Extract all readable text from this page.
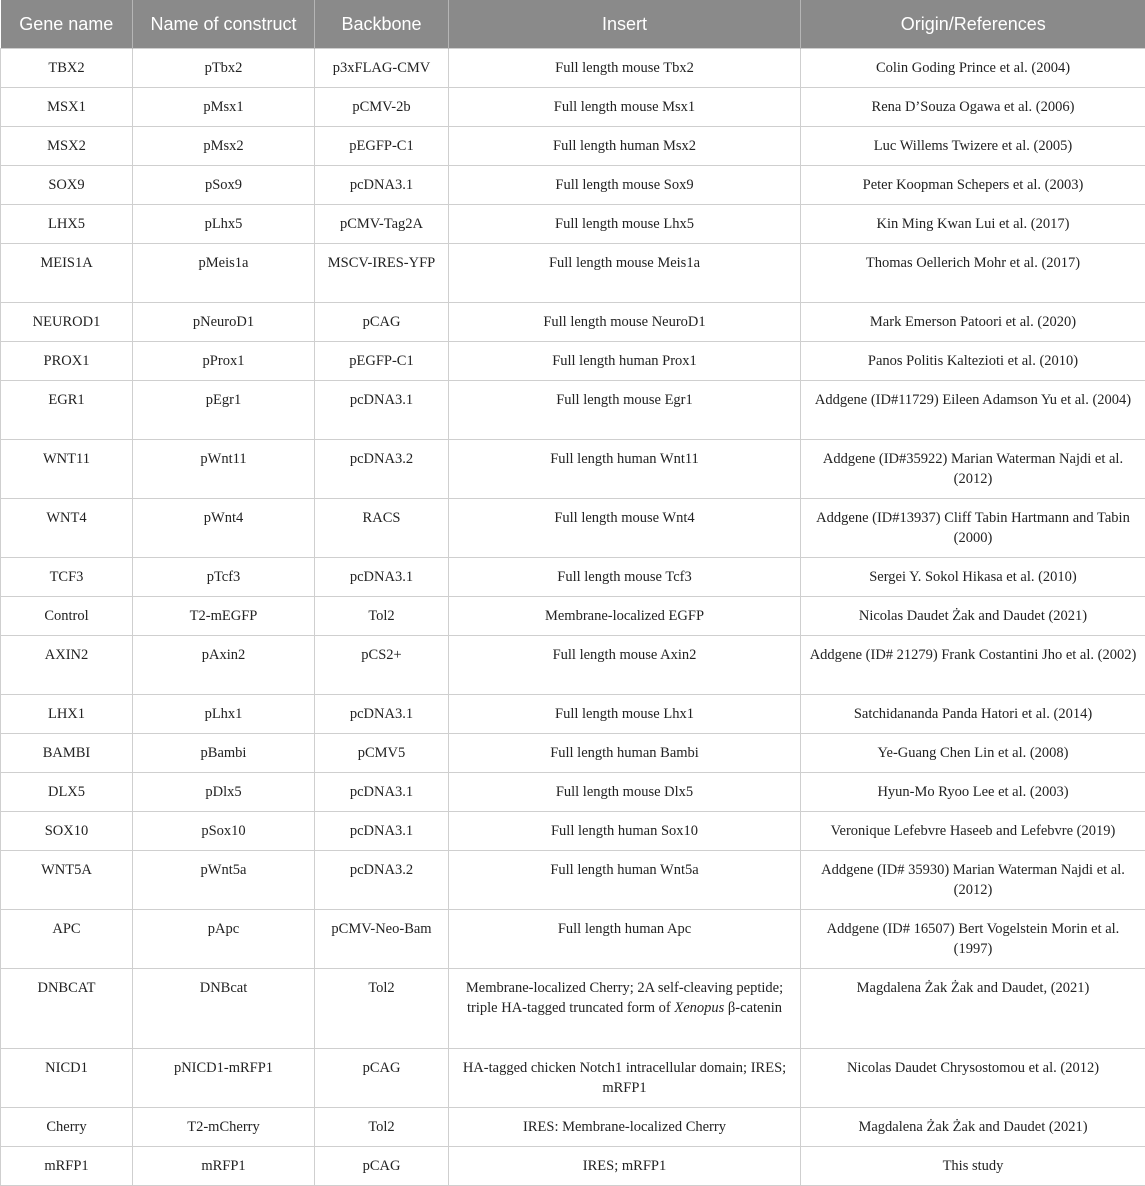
Gene name	Name of construct	Backbone	Insert	Origin/References
TBX2	pTbx2	p3xFLAG-CMV	Full length mouse Tbx2	Colin Goding Prince et al. (2004)
MSX1	pMsx1	pCMV-2b	Full length mouse Msx1	Rena D’Souza Ogawa et al. (2006)
MSX2	pMsx2	pEGFP-C1	Full length human Msx2	Luc Willems Twizere et al. (2005)
SOX9	pSox9	pcDNA3.1	Full length mouse Sox9	Peter Koopman Schepers et al. (2003)
LHX5	pLhx5	pCMV-Tag2A	Full length mouse Lhx5	Kin Ming Kwan Lui et al. (2017)
MEIS1A	pMeis1a	MSCV-IRES-YFP	Full length mouse Meis1a	Thomas Oellerich Mohr et al. (2017)
NEUROD1	pNeuroD1	pCAG	Full length mouse NeuroD1	Mark Emerson Patoori et al. (2020)
PROX1	pProx1	pEGFP-C1	Full length human Prox1	Panos Politis Kaltezioti et al. (2010)
EGR1	pEgr1	pcDNA3.1	Full length mouse Egr1	Addgene (ID#11729) Eileen Adamson Yu et al. (2004)
WNT11	pWnt11	pcDNA3.2	Full length human Wnt11	Addgene (ID#35922) Marian Waterman Najdi et al. (2012)
WNT4	pWnt4	RACS	Full length mouse Wnt4	Addgene (ID#13937) Cliff Tabin Hartmann and Tabin (2000)
TCF3	pTcf3	pcDNA3.1	Full length mouse Tcf3	Sergei Y. Sokol Hikasa et al. (2010)
Control	T2-mEGFP	Tol2	Membrane-localized EGFP	Nicolas Daudet Żak and Daudet (2021)
AXIN2	pAxin2	pCS2+	Full length mouse Axin2	Addgene (ID# 21279) Frank Costantini Jho et al. (2002)
LHX1	pLhx1	pcDNA3.1	Full length mouse Lhx1	Satchidananda Panda Hatori et al. (2014)
BAMBI	pBambi	pCMV5	Full length human Bambi	Ye-Guang Chen Lin et al. (2008)
DLX5	pDlx5	pcDNA3.1	Full length mouse Dlx5	Hyun-Mo Ryoo Lee et al. (2003)
SOX10	pSox10	pcDNA3.1	Full length human Sox10	Veronique Lefebvre Haseeb and Lefebvre (2019)
WNT5A	pWnt5a	pcDNA3.2	Full length human Wnt5a	Addgene (ID# 35930) Marian Waterman Najdi et al. (2012)
APC	pApc	pCMV-Neo-Bam	Full length human Apc	Addgene (ID# 16507) Bert Vogelstein Morin et al. (1997)
DNBCAT	DNBcat	Tol2	Membrane-localized Cherry; 2A self-cleaving peptide; triple HA-tagged truncated form of Xenopus β-catenin	Magdalena Żak Żak and Daudet, (2021)
NICD1	pNICD1-mRFP1	pCAG	HA-tagged chicken Notch1 intracellular domain; IRES; mRFP1	Nicolas Daudet Chrysostomou et al. (2012)
Cherry	T2-mCherry	Tol2	IRES: Membrane-localized Cherry	Magdalena Żak Żak and Daudet (2021)
mRFP1	mRFP1	pCAG	IRES; mRFP1	This study
